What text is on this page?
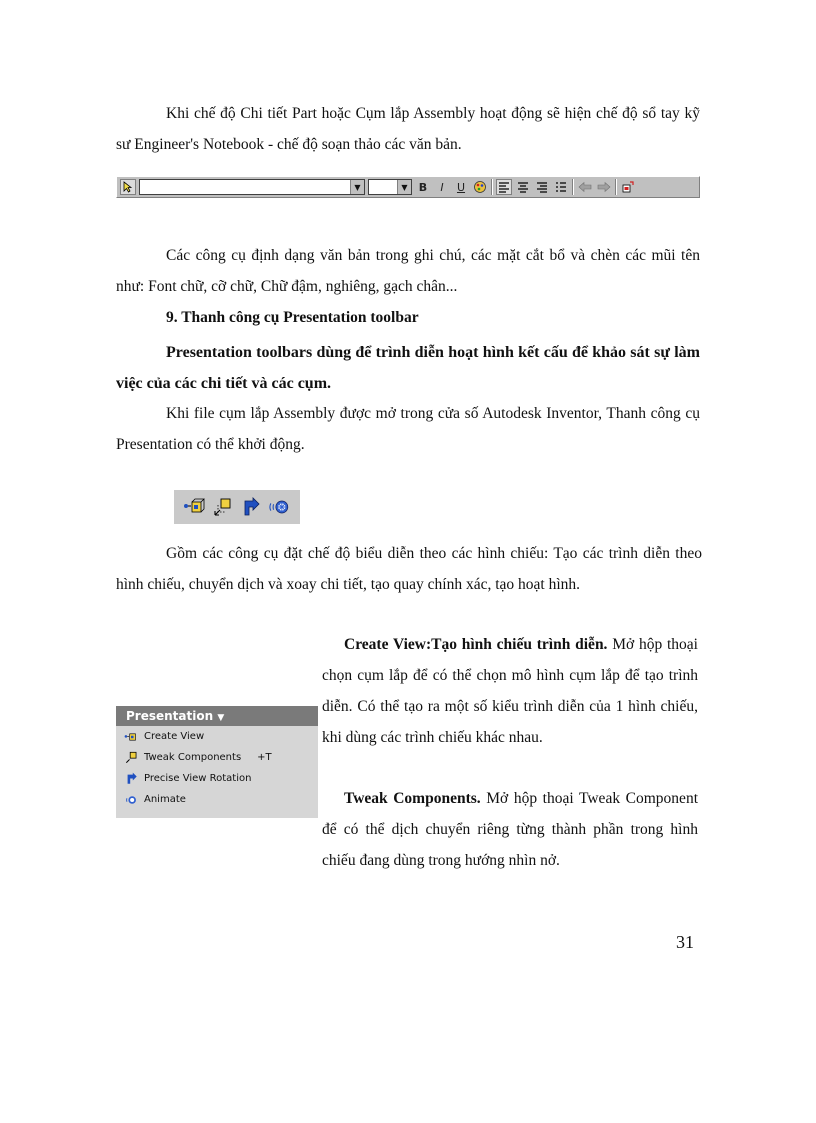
Khi chế độ Chi tiết Part hoặc Cụm lắp Assembly hoạt động sẽ hiện chế độ sổ tay kỹ sư Engineer's Notebook - chế độ soạn thảo các văn bản.

▼	▼	B	I	U

Các công cụ định dạng văn bản trong ghi chú, các mặt cắt bổ và chèn các mũi tên như: Font chữ, cỡ chữ, Chữ đậm, nghiêng, gạch chân...

9. Thanh công cụ Presentation toolbar

Presentation toolbars dùng để trình diễn hoạt hình kết cấu để khảo sát sự làm việc của các chi tiết và các cụm.

Khi file cụm lắp Assembly được mở trong cửa số Autodesk Inventor, Thanh công cụ Presentation có thể khởi động.

Gồm các công cụ đặt chế độ biểu diễn theo các hình chiếu: Tạo các trình diễn theo hình chiếu, chuyển dịch và xoay chi tiết, tạo quay chính xác, tạo hoạt hình.

Presentation ▼
Create View
Tweak Components +T
Precise View Rotation
Animate

Create View:Tạo hình chiếu trình diễn. Mở hộp thoại chọn cụm lắp để có thể chọn mô hình cụm lắp để tạo trình diễn. Có thể tạo ra một số kiểu trình diễn của 1 hình chiếu, khi dùng các trình chiếu khác nhau.

Tweak Components. Mở hộp thoại Tweak Component để có thể dịch chuyển riêng từng thành phần trong hình chiếu đang dùng trong hướng nhìn nở.

31
